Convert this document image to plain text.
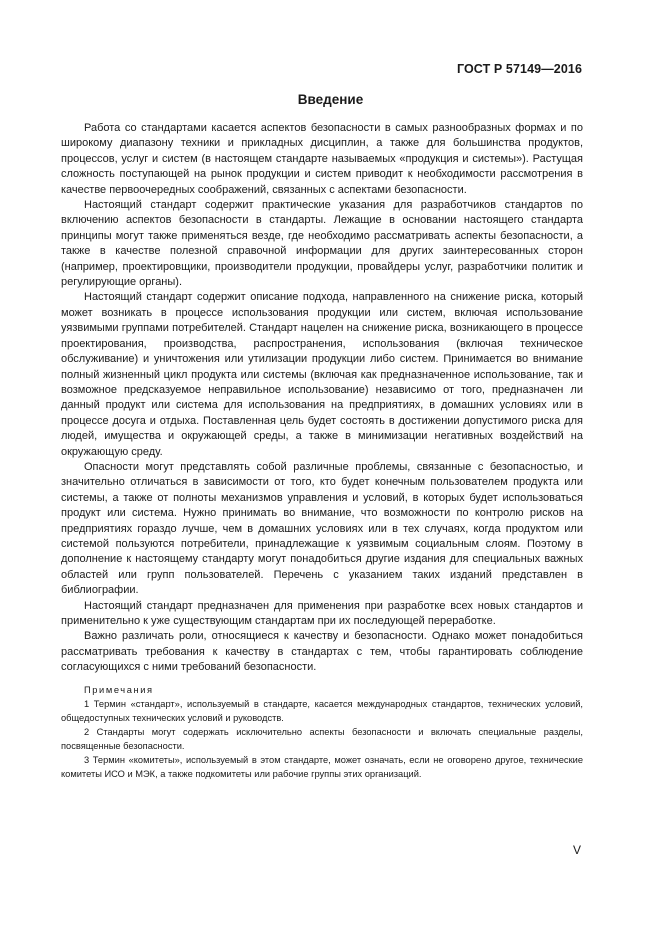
ГОСТ Р 57149—2016
Введение

Работа со стандартами касается аспектов безопасности в самых разнообразных формах и по широкому диапазону техники и прикладных дисциплин, а также для большинства продуктов, процессов, услуг и систем (в настоящем стандарте называемых «продукция и системы»). Растущая сложность поступающей на рынок продукции и систем приводит к необходимости рассмотрения в качестве первоочередных соображений, связанных с аспектами безопасности.

Настоящий стандарт содержит практические указания для разработчиков стандартов по включению аспектов безопасности в стандарты. Лежащие в основании настоящего стандарта принципы могут также применяться везде, где необходимо рассматривать аспекты безопасности, а также в качестве полезной справочной информации для других заинтересованных сторон (например, проектировщики, производители продукции, провайдеры услуг, разработчики политик и регулирующие органы).

Настоящий стандарт содержит описание подхода, направленного на снижение риска, который может возникать в процессе использования продукции или систем, включая использование уязвимыми группами потребителей. Стандарт нацелен на снижение риска, возникающего в процессе проектирования, производства, распространения, использования (включая техническое обслуживание) и уничтожения или утилизации продукции либо систем. Принимается во внимание полный жизненный цикл продукта или системы (включая как предназначенное использование, так и возможное предсказуемое неправильное использование) независимо от того, предназначен ли данный продукт или система для использования на предприятиях, в домашних условиях или в процессе досуга и отдыха. Поставленная цель будет состоять в достижении допустимого риска для людей, имущества и окружающей среды, а также в минимизации негативных воздействий на окружающую среду.

Опасности могут представлять собой различные проблемы, связанные с безопасностью, и значительно отличаться в зависимости от того, кто будет конечным пользователем продукта или системы, а также от полноты механизмов управления и условий, в которых будет использоваться продукт или система. Нужно принимать во внимание, что возможности по контролю рисков на предприятиях гораздо лучше, чем в домашних условиях или в тех случаях, когда продуктом или системой пользуются потребители, принадлежащие к уязвимым социальным слоям. Поэтому в дополнение к настоящему стандарту могут понадобиться другие издания для специальных важных областей или групп пользователей. Перечень с указанием таких изданий представлен в библиографии.

Настоящий стандарт предназначен для применения при разработке всех новых стандартов и применительно к уже существующим стандартам при их последующей переработке.

Важно различать роли, относящиеся к качеству и безопасности. Однако может понадобиться рассматривать требования к качеству в стандартах с тем, чтобы гарантировать соблюдение согласующихся с ними требований безопасности.

Примечания

1 Термин «стандарт», используемый в стандарте, касается международных стандартов, технических условий, общедоступных технических условий и руководств.

2 Стандарты могут содержать исключительно аспекты безопасности и включать специальные разделы, посвященные безопасности.

3 Термин «комитеты», используемый в этом стандарте, может означать, если не оговорено другое, технические комитеты ИСО и МЭК, а также подкомитеты или рабочие группы этих организаций.

V
